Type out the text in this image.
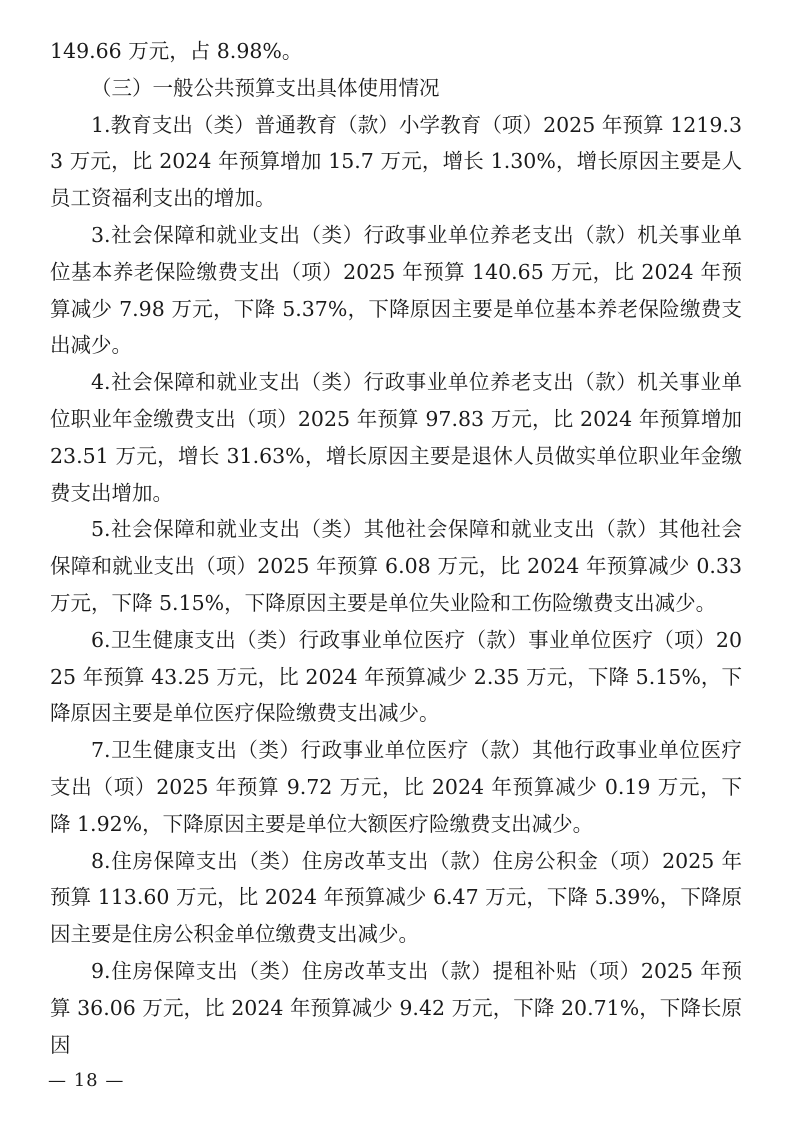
149.66 万元，占 8.98%。

（三）一般公共预算支出具体使用情况

1.教育支出（类）普通教育（款）小学教育（项）2025 年预算 1219.33 万元，比 2024 年预算增加 15.7 万元，增长 1.30%，增长原因主要是人员工资福利支出的增加。

3.社会保障和就业支出（类）行政事业单位养老支出（款）机关事业单位基本养老保险缴费支出（项）2025 年预算 140.65 万元，比 2024 年预算减少 7.98 万元，下降 5.37%，下降原因主要是单位基本养老保险缴费支出减少。

4.社会保障和就业支出（类）行政事业单位养老支出（款）机关事业单位职业年金缴费支出（项）2025 年预算 97.83 万元，比 2024 年预算增加 23.51 万元，增长 31.63%，增长原因主要是退休人员做实单位职业年金缴费支出增加。

5.社会保障和就业支出（类）其他社会保障和就业支出（款）其他社会保障和就业支出（项）2025 年预算 6.08 万元，比 2024 年预算减少 0.33 万元，下降 5.15%，下降原因主要是单位失业险和工伤险缴费支出减少。

6.卫生健康支出（类）行政事业单位医疗（款）事业单位医疗（项）2025 年预算 43.25 万元，比 2024 年预算减少 2.35 万元，下降 5.15%，下降原因主要是单位医疗保险缴费支出减少。

7.卫生健康支出（类）行政事业单位医疗（款）其他行政事业单位医疗支出（项）2025 年预算 9.72 万元，比 2024 年预算减少 0.19 万元，下降 1.92%，下降原因主要是单位大额医疗险缴费支出减少。

8.住房保障支出（类）住房改革支出（款）住房公积金（项）2025 年预算 113.60 万元，比 2024 年预算减少 6.47 万元，下降 5.39%，下降原因主要是住房公积金单位缴费支出减少。

9.住房保障支出（类）住房改革支出（款）提租补贴（项）2025 年预算 36.06 万元，比 2024 年预算减少 9.42 万元，下降 20.71%，下降长原因

— 18 —
